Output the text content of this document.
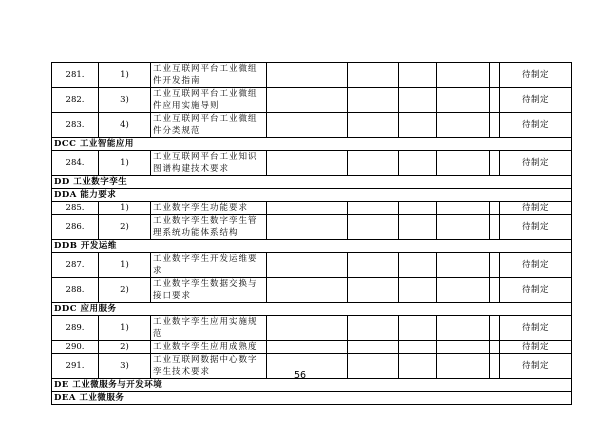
281.	1)	工业互联网平台工业微组件开发指南						待制定
282.	3)	工业互联网平台工业微组件应用实施导则						待制定
283.	4)	工业互联网平台工业微组件分类规范						待制定
DCC 工业智能应用								
284.	1)	工业互联网平台工业知识图谱构建技术要求						待制定
DD 工业数字孪生								
DDA 能力要求								
285.	1)	工业数字孪生功能要求						待制定
286.	2)	工业数字孪生数字孪生管理系统功能体系结构						待制定
DDB 开发运维								
287.	1)	工业数字孪生开发运维要求						待制定
288.	2)	工业数字孪生数据交换与接口要求						待制定
DDC 应用服务								
289.	1)	工业数字孪生应用实施规范						待制定
290.	2)	工业数字孪生应用成熟度						待制定
291.	3)	工业互联网数据中心数字孪生技术要求						待制定
DE 工业微服务与开发环境								
DEA 工业微服务								
56
